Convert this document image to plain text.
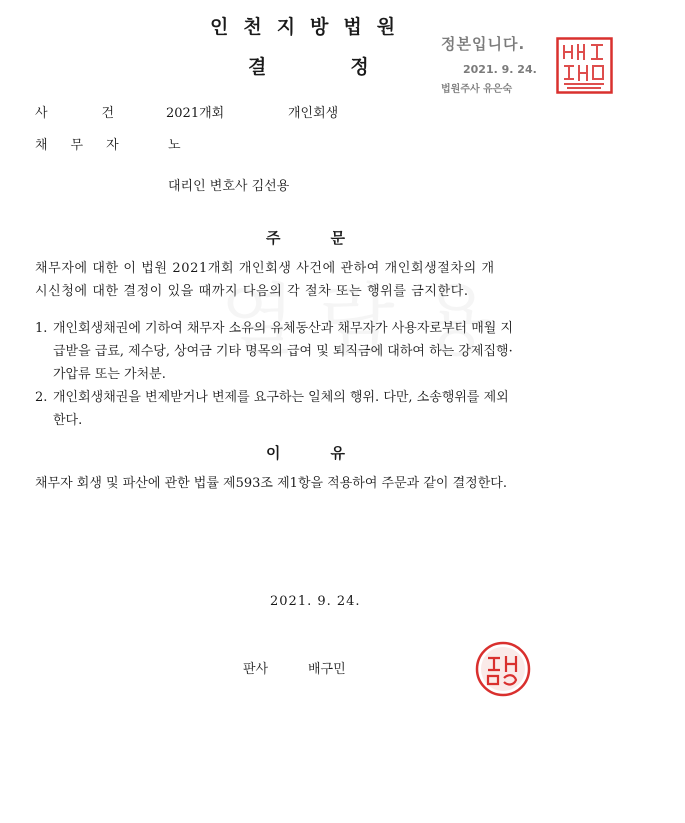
인천지방법원
결정
정본입니다.
2021. 9. 24.
법원주사 유은숙
사건
2021개회	개인회생
채무자 노
대리인 변호사 김선용
주문
채무자에 대한 이 법원 2021개회 개인회생 사건에 관하여 개인회생절차의 개
시신청에 대한 결정이 있을 때까지 다음의 각 절차 또는 행위를 금지한다.
1. 개인회생채권에 기하여 채무자 소유의 유체동산과 채무자가 사용자로부터 매월 지
급받을 급료, 제수당, 상여금 기타 명목의 급여 및 퇴직금에 대하여 하는 강제집행·
가압류 또는 가처분.
2. 개인회생채권을 변제받거나 변제를 요구하는 일체의 행위. 다만, 소송행위를 제외
한다.
이유
채무자 회생 및 파산에 관한 법률 제593조 제1항을 적용하여 주문과 같이 결정한다.
2021. 9. 24.
판사	배구민
